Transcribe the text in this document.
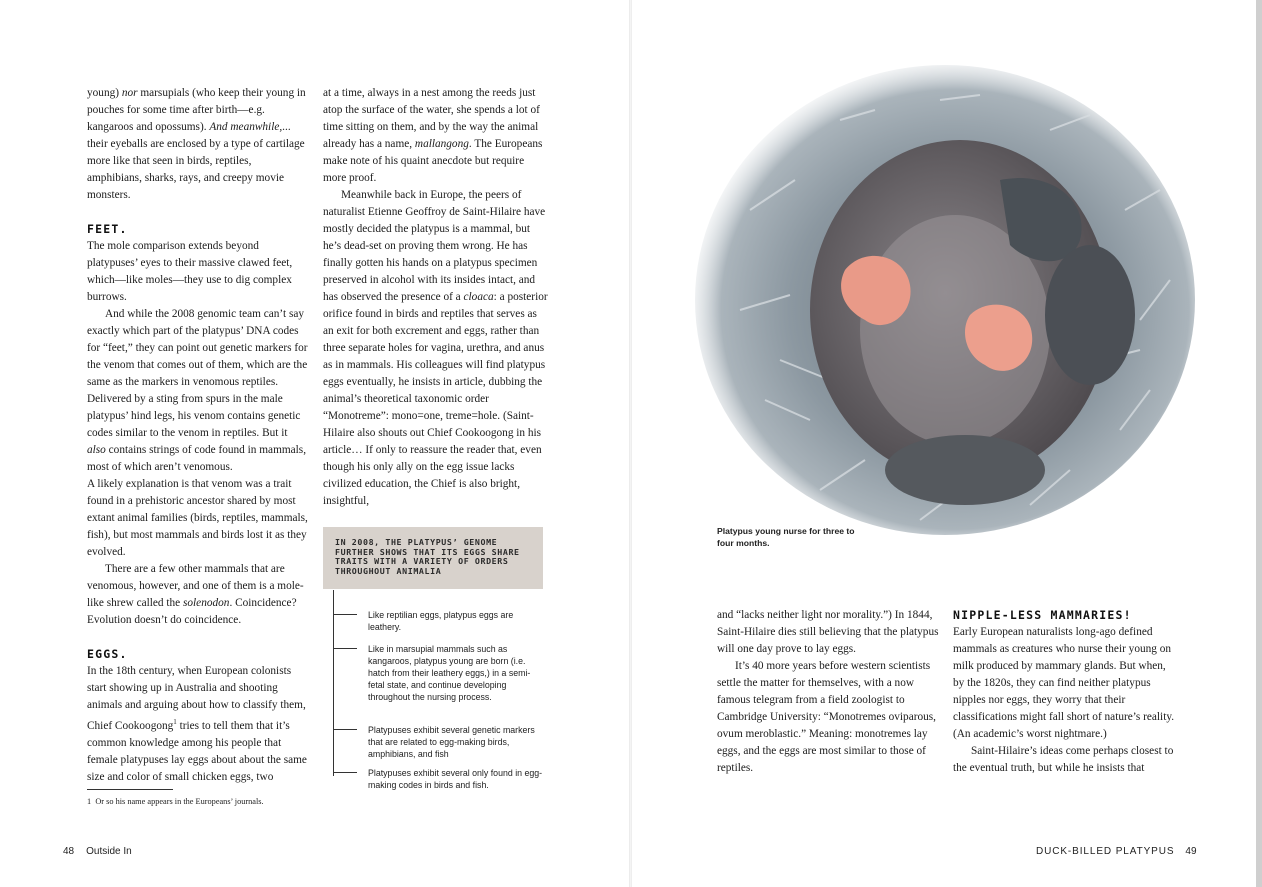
young) nor marsupials (who keep their young in pouches for some time after birth—e.g. kangaroos and opossums). And meanwhile,... their eyeballs are enclosed by a type of cartilage more like that seen in birds, reptiles, amphibians, sharks, rays, and creepy movie monsters.

FEET.

The mole comparison extends beyond platypuses’ eyes to their massive clawed feet, which—like moles—they use to dig complex burrows.

And while the 2008 genomic team can’t say exactly which part of the platypus’ DNA codes for “feet,” they can point out genetic markers for the venom that comes out of them, which are the same as the markers in venomous reptiles. Delivered by a sting from spurs in the male platypus’ hind legs, his venom contains genetic codes similar to the venom in reptiles. But it also contains strings of code found in mammals, most of which aren’t venomous.

A likely explanation is that venom was a trait found in a prehistoric ancestor shared by most extant animal families (birds, reptiles, mammals, fish), but most mammals and birds lost it as they evolved.

There are a few other mammals that are venomous, however, and one of them is a mole-like shrew called the solenodon. Coincidence? Evolution doesn’t do coincidence.

EGGS.

In the 18th century, when European colonists start showing up in Australia and shooting animals and arguing about how to classify them, Chief Cookoogong$^1$ tries to tell them that it’s common knowledge among his people that female platypuses lay eggs about about the same size and color of small chicken eggs, two

at a time, always in a nest among the reeds just atop the surface of the water, she spends a lot of time sitting on them, and by the way the animal already has a name, mallangong. The Europeans make note of his quaint anecdote but require more proof.

Meanwhile back in Europe, the peers of naturalist Etienne Geoffroy de Saint-Hilaire have mostly decided the platypus is a mammal, but he’s dead-set on proving them wrong. He has finally gotten his hands on a platypus specimen preserved in alcohol with its insides intact, and has observed the presence of a cloaca: a posterior orifice found in birds and reptiles that serves as an exit for both excrement and eggs, rather than three separate holes for vagina, urethra, and anus as in mammals. His colleagues will find platypus eggs eventually, he insists in article, dubbing the animal’s theoretical taxonomic order “Monotreme”: mono=one, treme=hole. (Saint-Hilaire also shouts out Chief Cookoogong in his article… If only to reassure the reader that, even though his only ally on the egg issue lacks civilized education, the Chief is also bright, insightful,

IN 2008, THE PLATYPUS’ GENOME FURTHER SHOWS THAT ITS EGGS SHARE TRAITS WITH A VARIETY OF ORDERS THROUGHOUT ANIMALIA
Like reptilian eggs, platypus eggs are leathery.
Like in marsupial mammals such as kangaroos, platypus young are born (i.e. hatch from their leathery eggs,) in a semi-fetal state, and continue developing throughout the nursing process.
Platypuses exhibit several genetic markers that are related to egg-making birds, amphibians, and fish
Platypuses exhibit several only found in egg-making codes in birds and fish.
1 Or so his name appears in the Europeans’ journals.
48 Outside In	DUCK-BILLED PLATYPUS 49
Platypus young nurse for three to four months.

and “lacks neither light nor morality.”) In 1844, Saint-Hilaire dies still believing that the platypus will one day prove to lay eggs.

It’s 40 more years before western scientists settle the matter for themselves, with a now famous telegram from a field zoologist to Cambridge University: “Monotremes oviparous, ovum meroblastic.” Meaning: monotremes lay eggs, and the eggs are most similar to those of reptiles.

NIPPLE-LESS MAMMARIES!

Early European naturalists long-ago defined mammals as creatures who nurse their young on milk produced by mammary glands. But when, by the 1820s, they can find neither platypus nipples nor eggs, they worry that their classifications might fall short of nature’s reality. (An academic’s worst nightmare.)

Saint-Hilaire’s ideas come perhaps closest to the eventual truth, but while he insists that
